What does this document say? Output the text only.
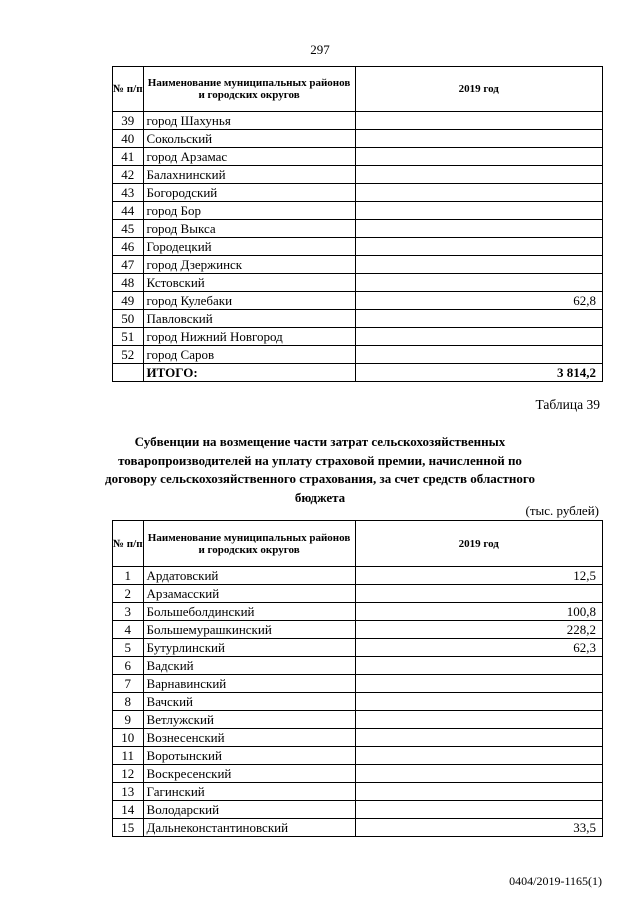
297
№ п/п	Наименование муниципальных районов и городских округов	2019 год
39	город Шахунья	
40	Сокольский	
41	город Арзамас	
42	Балахнинский	
43	Богородский	
44	город Бор	
45	город Выкса	
46	Городецкий	
47	город Дзержинск	
48	Кстовский	
49	город Кулебаки	62,8
50	Павловский	
51	город Нижний Новгород	
52	город Саров	
	ИТОГО:	3 814,2
Таблица 39
Субвенции на возмещение части затрат сельскохозяйственных товаропроизводителей на уплату страховой премии, начисленной по договору сельскохозяйственного страхования, за счет средств областного бюджета
(тыс. рублей)
№ п/п	Наименование муниципальных районов и городских округов	2019 год
1	Ардатовский	12,5
2	Арзамасский	
3	Большеболдинский	100,8
4	Большемурашкинский	228,2
5	Бутурлинский	62,3
6	Вадский	
7	Варнавинский	
8	Вачский	
9	Ветлужский	
10	Вознесенский	
11	Воротынский	
12	Воскресенский	
13	Гагинский	
14	Володарский	
15	Дальнеконстантиновский	33,5
0404/2019-1165(1)
